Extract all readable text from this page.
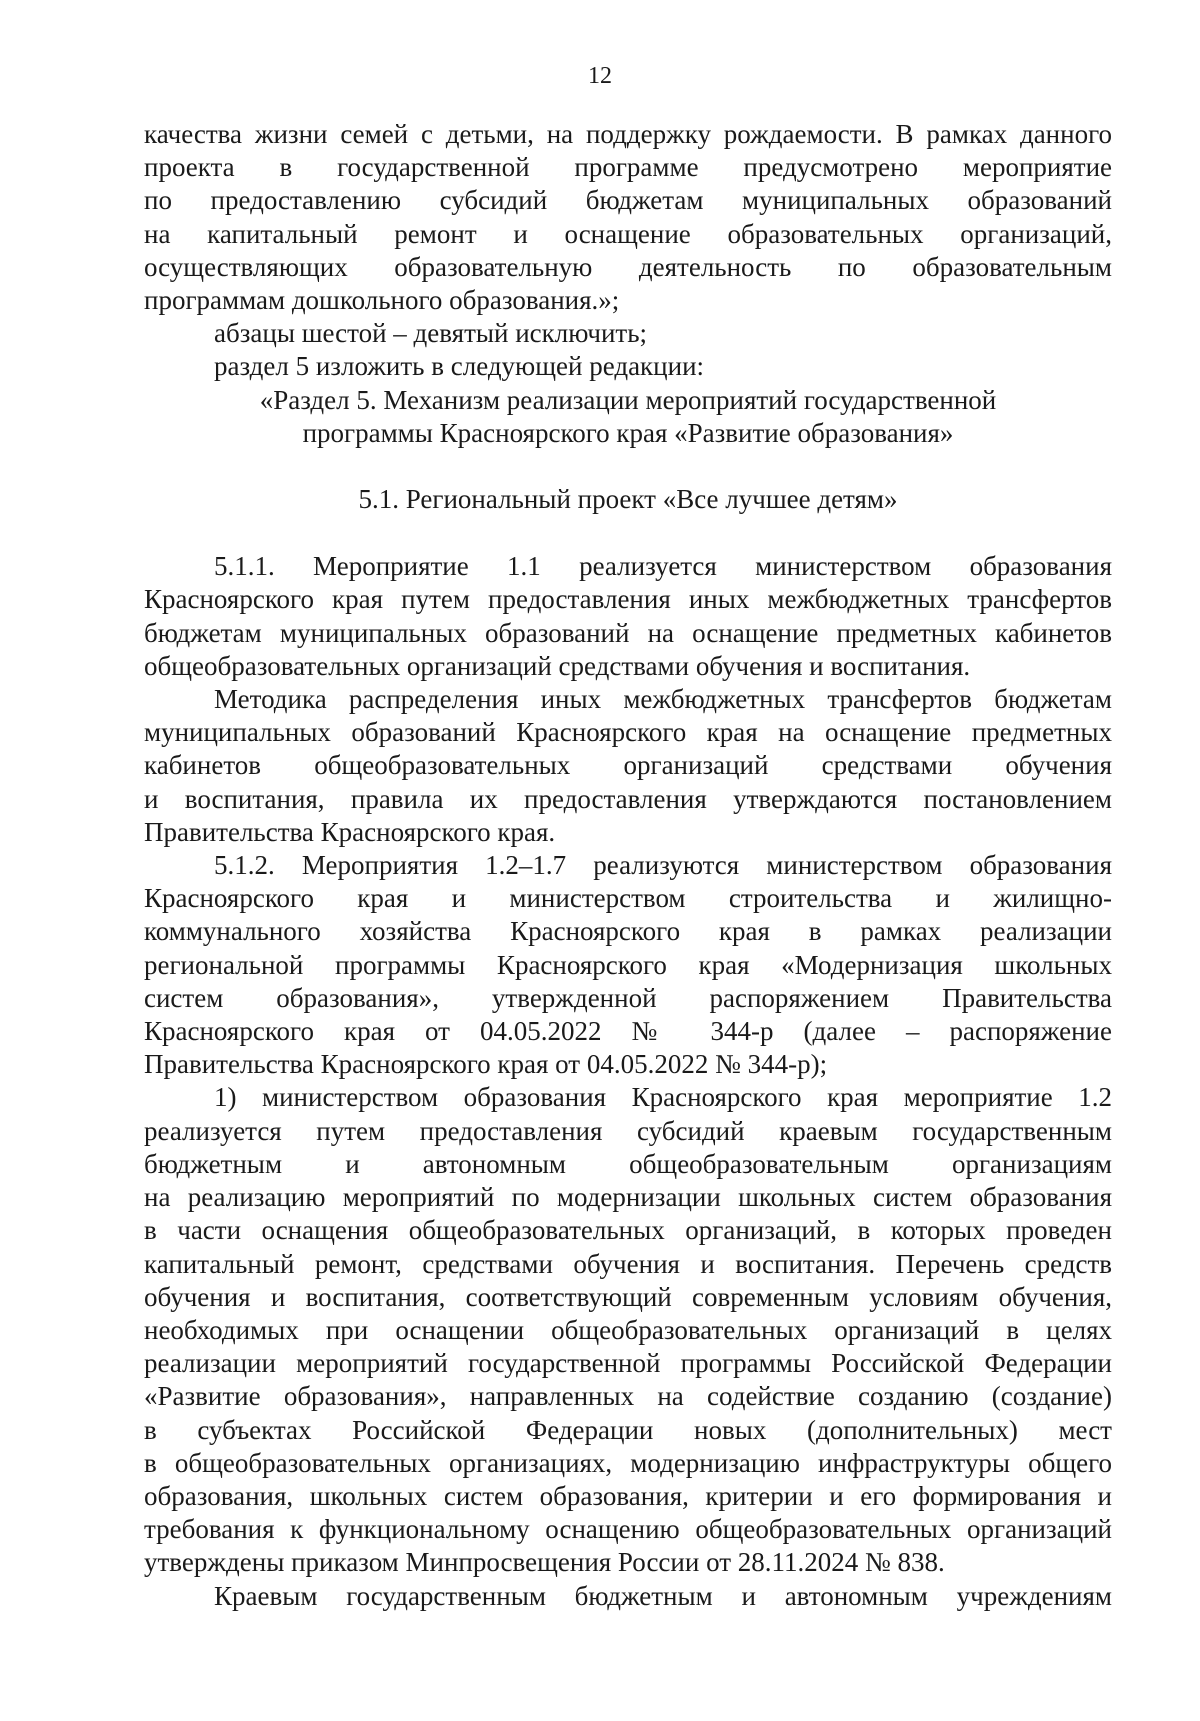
12

качества жизни семей с детьми, на поддержку рождаемости. В рамках данного
проекта в государственной программе предусмотрено мероприятие
по предоставлению субсидий бюджетам муниципальных образований
на капитальный ремонт и оснащение образовательных организаций,
осуществляющих образовательную деятельность по образовательным
программам дошкольного образования.»;

абзацы шестой – девятый исключить;

раздел 5 изложить в следующей редакции:

«Раздел 5. Механизм реализации мероприятий государственной
программы Красноярского края «Развитие образования»
5.1. Региональный проект «Все лучшее детям»

5.1.1. Мероприятие 1.1 реализуется министерством образования
Красноярского края путем предоставления иных межбюджетных трансфертов
бюджетам муниципальных образований на оснащение предметных кабинетов
общеобразовательных организаций средствами обучения и воспитания.

Методика распределения иных межбюджетных трансфертов бюджетам
муниципальных образований Красноярского края на оснащение предметных
кабинетов общеобразовательных организаций средствами обучения
и воспитания, правила их предоставления утверждаются постановлением
Правительства Красноярского края.

5.1.2. Мероприятия 1.2–1.7 реализуются министерством образования
Красноярского края и министерством строительства и жилищно-
коммунального хозяйства Красноярского края в рамках реализации
региональной программы Красноярского края «Модернизация школьных
систем образования», утвержденной распоряжением Правительства
Красноярского края от 04.05.2022 № 344-р (далее – распоряжение
Правительства Красноярского края от 04.05.2022 № 344-р);

1) министерством образования Красноярского края мероприятие 1.2
реализуется путем предоставления субсидий краевым государственным
бюджетным и автономным общеобразовательным организациям
на реализацию мероприятий по модернизации школьных систем образования
в части оснащения общеобразовательных организаций, в которых проведен
капитальный ремонт, средствами обучения и воспитания. Перечень средств
обучения и воспитания, соответствующий современным условиям обучения,
необходимых при оснащении общеобразовательных организаций в целях
реализации мероприятий государственной программы Российской Федерации
«Развитие образования», направленных на содействие созданию (создание)
в субъектах Российской Федерации новых (дополнительных) мест
в общеобразовательных организациях, модернизацию инфраструктуры общего
образования, школьных систем образования, критерии и его формирования и
требования к функциональному оснащению общеобразовательных организаций
утверждены приказом Минпросвещения России от 28.11.2024 № 838.

Краевым государственным бюджетным и автономным учреждениям
